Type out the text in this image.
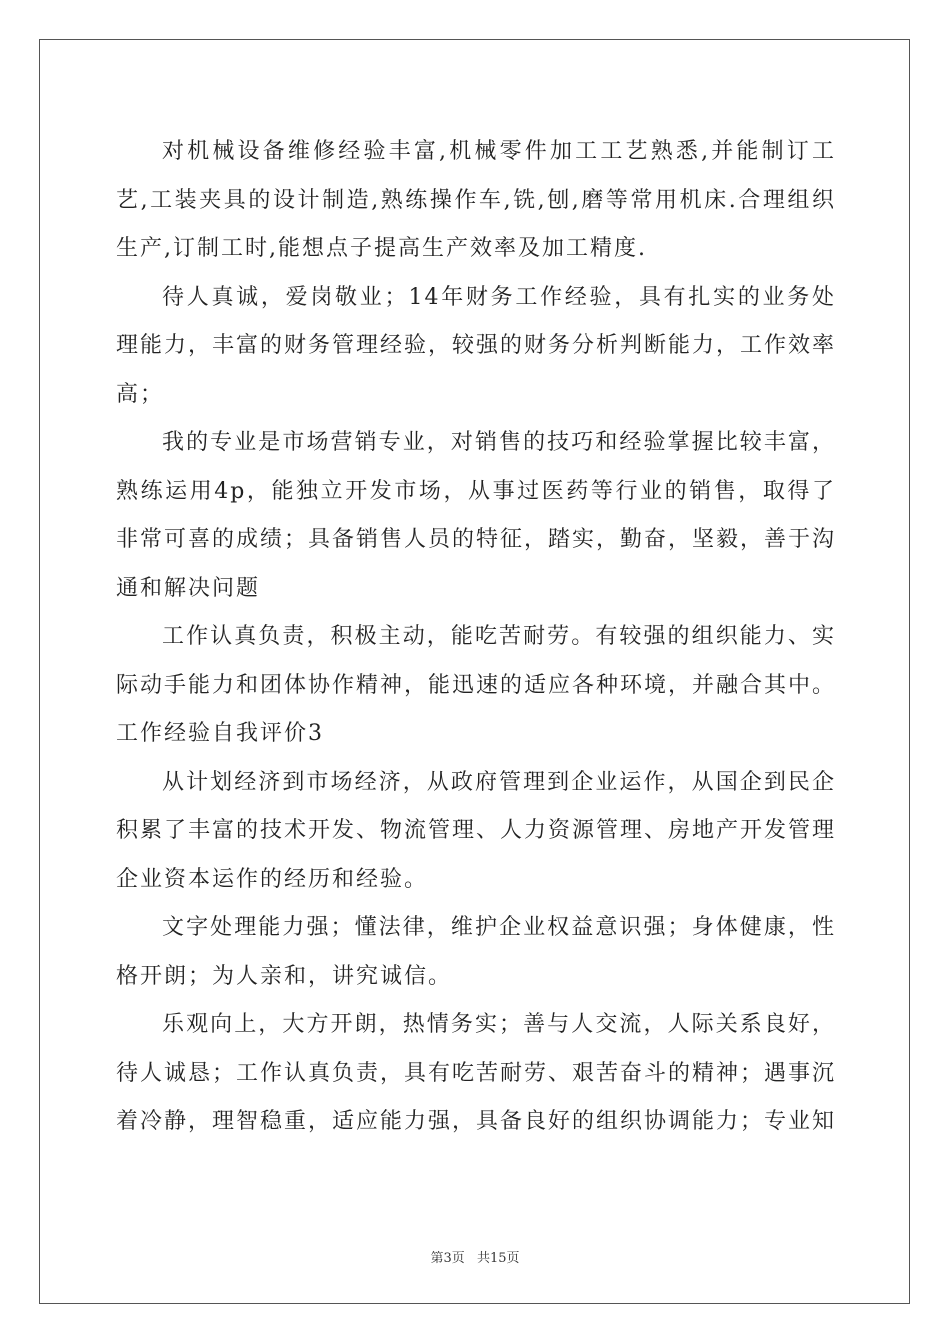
对机械设备维修经验丰富,机械零件加工工艺熟悉,并能制订工艺,工装夹具的设计制造,熟练操作车,铣,刨,磨等常用机床.合理组织生产,订制工时,能想点子提高生产效率及加工精度.

待人真诚，爱岗敬业；14年财务工作经验，具有扎实的业务处理能力，丰富的财务管理经验，较强的财务分析判断能力，工作效率高；

我的专业是市场营销专业，对销售的技巧和经验掌握比较丰富，熟练运用4p，能独立开发市场，从事过医药等行业的销售，取得了非常可喜的成绩；具备销售人员的特征，踏实，勤奋，坚毅，善于沟通和解决问题

工作认真负责，积极主动，能吃苦耐劳。有较强的组织能力、实际动手能力和团体协作精神，能迅速的适应各种环境，并融合其中。

工作经验自我评价3

从计划经济到市场经济，从政府管理到企业运作，从国企到民企积累了丰富的技术开发、物流管理、人力资源管理、房地产开发管理企业资本运作的经历和经验。

文字处理能力强；懂法律，维护企业权益意识强；身体健康，性格开朗；为人亲和，讲究诚信。

乐观向上，大方开朗，热情务实；善与人交流，人际关系良好，待人诚恳；工作认真负责，具有吃苦耐劳、艰苦奋斗的精神；遇事沉着冷静，理智稳重，适应能力强，具备良好的组织协调能力；专业知

第3页 共15页
